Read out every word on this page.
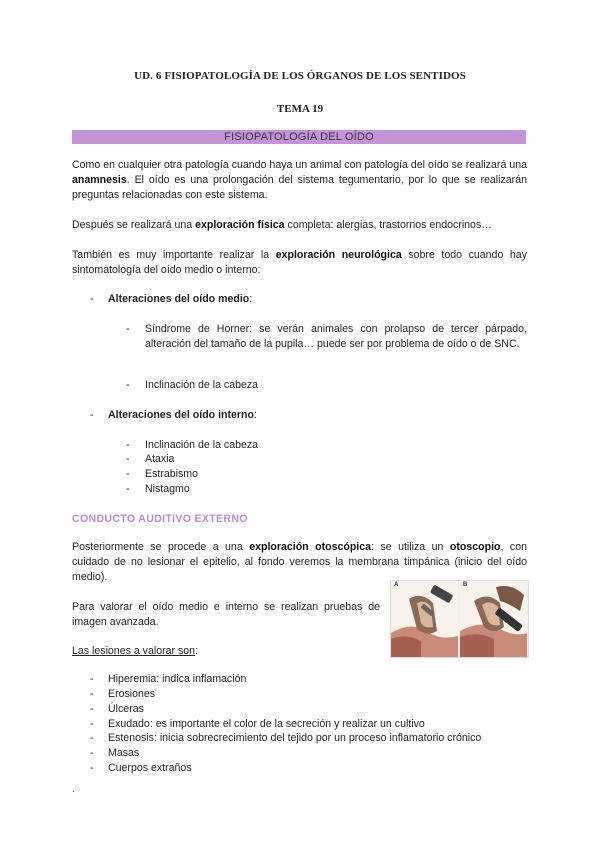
UD. 6 FISIOPATOLOGÍA DE LOS ÓRGANOS DE LOS SENTIDOS
TEMA 19
FISIOPATOLOGÍA DEL OÍDO
Como en cualquier otra patología cuando haya un animal con patología del oído se realizará una anamnesis. El oído es una prolongación del sistema tegumentario, por lo que se realizarán preguntas relacionadas con este sistema.
Después se realizará una exploración física completa: alergias, trastornos endocrinos…
También es muy importante realizar la exploración neurológica sobre todo cuando hay sintomatología del oído medio o interno:
- Alteraciones del oído medio:
- Síndrome de Horner: se verán animales con prolapso de tercer párpado, alteración del tamaño de la pupila… puede ser por problema de oído o de SNC.
- Inclinación de la cabeza
- Alteraciones del oído interno:
- Inclinación de la cabeza
- Ataxia
- Estrabismo
- Nistagmo
CONDUCTO AUDITIVO EXTERNO
Posteriormente se procede a una exploración otoscópica: se utiliza un otoscopio, con cuidado de no lesionar el epitelio, al fondo veremos la membrana timpánica (inicio del oído medio).
Para valorar el oído medio e interno se realizan pruebas de imagen avanzada.
A	B
Las lesiones a valorar son:
- Hiperemia: indica inflamación
- Erosiones
- Úlceras
- Exudado: es importante el color de la secreción y realizar un cultivo
- Estenosis: inicia sobrecrecimiento del tejido por un proceso inflamatorio crónico
- Masas
- Cuerpos extraños
.
